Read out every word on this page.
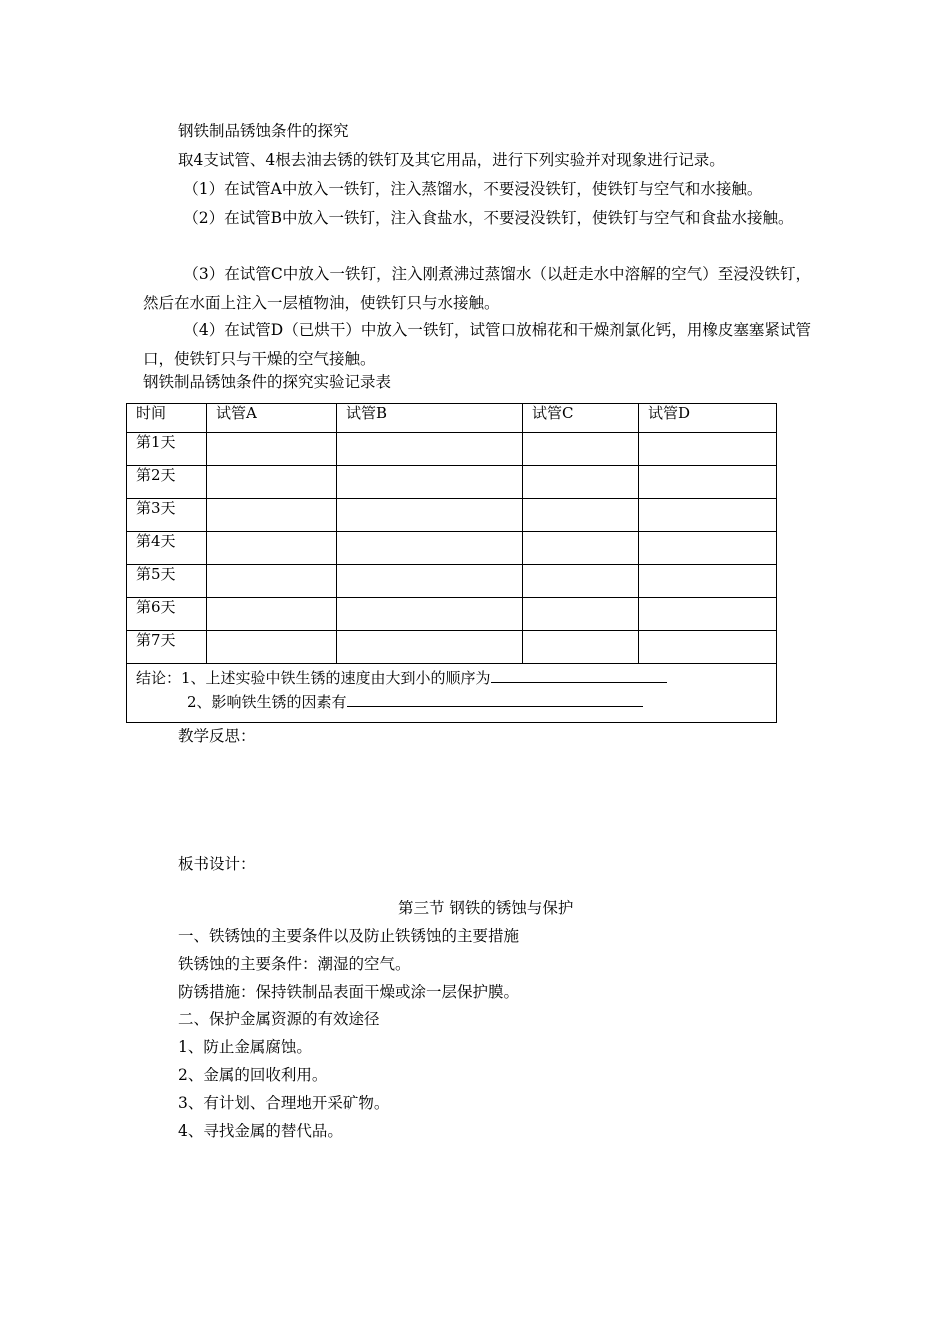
钢铁制品锈蚀条件的探究
取4支试管、4根去油去锈的铁钉及其它用品，进行下列实验并对现象进行记录。
（1）在试管A中放入一铁钉，注入蒸馏水，不要浸没铁钉，使铁钉与空气和水接触。
（2）在试管B中放入一铁钉，注入食盐水，不要浸没铁钉，使铁钉与空气和食盐水接触。
（3）在试管C中放入一铁钉，注入刚煮沸过蒸馏水（以赶走水中溶解的空气）至浸没铁钉，然后在水面上注入一层植物油，使铁钉只与水接触。
（4）在试管D（已烘干）中放入一铁钉，试管口放棉花和干燥剂氯化钙，用橡皮塞塞紧试管口，使铁钉只与干燥的空气接触。
钢铁制品锈蚀条件的探究实验记录表
时间	试管A	试管B	试管C	试管D
第1天				
第2天				
第3天				
第4天				
第5天				
第6天				
第7天				

结论：1、上述实验中铁生锈的速度由大到小的顺序为
2、影响铁生锈的因素有				
教学反思：
板书设计：
第三节 钢铁的锈蚀与保护
一、铁锈蚀的主要条件以及防止铁锈蚀的主要措施
铁锈蚀的主要条件：潮湿的空气。
防锈措施：保持铁制品表面干燥或涂一层保护膜。
二、保护金属资源的有效途径
1、防止金属腐蚀。
2、金属的回收利用。
3、有计划、合理地开采矿物。
4、寻找金属的替代品。
